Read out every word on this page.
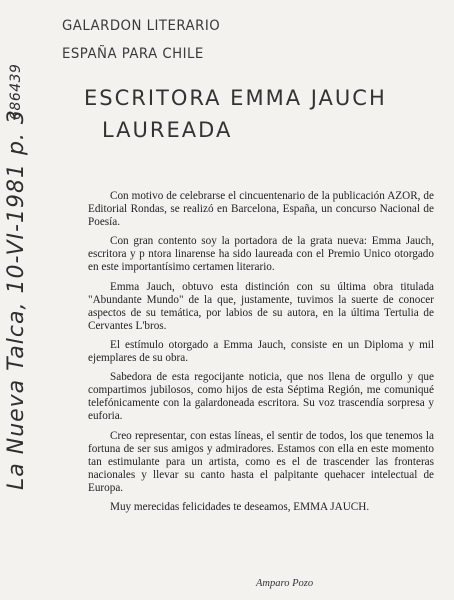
686439
La Nueva Talca, 10-VI-1981 p. 3
GALARDON LITERARIO
ESPAÑA PARA CHILE
ESCRITORA EMMA JAUCH
LAUREADA

Con motivo de celebrarse el cincuentenario de la publicación AZOR, de Editorial Rondas, se realizó en Barcelona, España, un concurso Nacional de Poesía.

Con gran contento soy la portadora de la grata nueva: Emma Jauch, escritora y p ntora linarense ha sido laureada con el Premio Unico otorgado en este importantísimo certamen literario.

Emma Jauch, obtuvo esta distinción con su última obra titulada "Abundante Mundo" de la que, justamente, tuvimos la suerte de conocer aspectos de su temática, por labios de su autora, en la última Tertulia de Cervantes L'bros.

El estímulo otorgado a Emma Jauch, consiste en un Diploma y mil ejemplares de su obra.

Sabedora de esta regocijante noticia, que nos llena de orgullo y que compartimos jubilosos, como hijos de esta Séptima Región, me comuniqué telefónicamente con la galardoneada escritora. Su voz trascendía sorpresa y euforia.

Creo representar, con estas líneas, el sentir de todos, los que tenemos la fortuna de ser sus amigos y admiradores. Estamos con ella en este momento tan estimulante para un artista, como es el de trascender las fronteras nacionales y llevar su canto hasta el palpitante quehacer intelectual de Europa.

Muy merecidas felicidades te deseamos, EMMA JAUCH.

Amparo Pozo
